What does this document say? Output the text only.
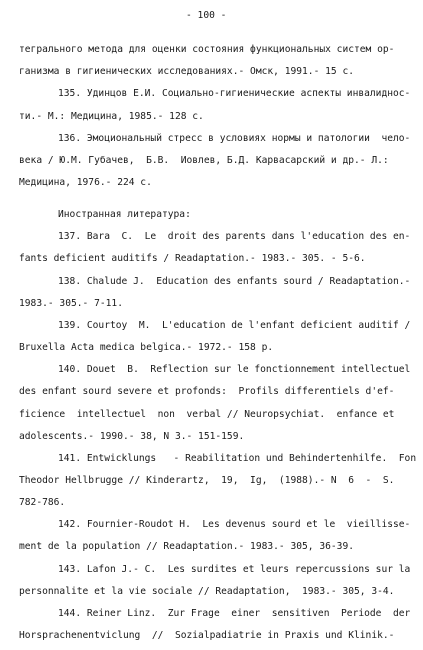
- 100 -
тегрального метода для оценки состояния функциональных систем ор-
ганизма в гигиенических исследованиях.- Омск, 1991.- 15 с.
135. Удинцов Е.И. Социально-гигиенические аспекты инвалиднос-
ти.- М.: Медицина, 1985.- 128 с.
136. Эмоциональный стресс в условиях нормы и патологии  чело-
века / Ю.М. Губачев,  Б.В.  Иовлев, Б.Д. Карвасарский и др.- Л.:
Медицина, 1976.- 224 с.
Иностранная литература:
137. Bara  C.  Le  droit des parents dans l'education des en-
fants deficient auditifs / Readaptation.- 1983.- 305. - 5-6.
138. Chalude J.  Education des enfants sourd / Readaptation.-
1983.- 305.- 7-11.
139. Courtoy  M.  L'education de l'enfant deficient auditif /
Bruxella Acta medica belgica.- 1972.- 158 p.
140. Douet  B.  Reflection sur le fonctionnement intellectuel
des enfant sourd severe et profonds:  Profils differentiels d'ef-
ficience  intellectuel  non  verbal // Neuropsychiat.  enfance et
adolescents.- 1990.- 38, N 3.- 151-159.
141. Entwicklungs   - Reabilitation und Behindertenhilfe.  Fon
Theodor Hellbrugge // Kinderartz,  19,  Ig,  (1988).- N  6  -  S.
782-786.
142. Fournier-Roudot H.  Les devenus sourd et le  vieillisse-
ment de la population // Readaptation.- 1983.- 305, 36-39.
143. Lafon J.- C.  Les surdites et leurs repercussions sur la
personnalite et la vie sociale // Readaptation,  1983.- 305, 3-4.
144. Reiner Linz.  Zur Frage  einer  sensitiven  Periode  der
Horsprachenentviclung  //  Sozialpadiatrie in Praxis und Klinik.-
